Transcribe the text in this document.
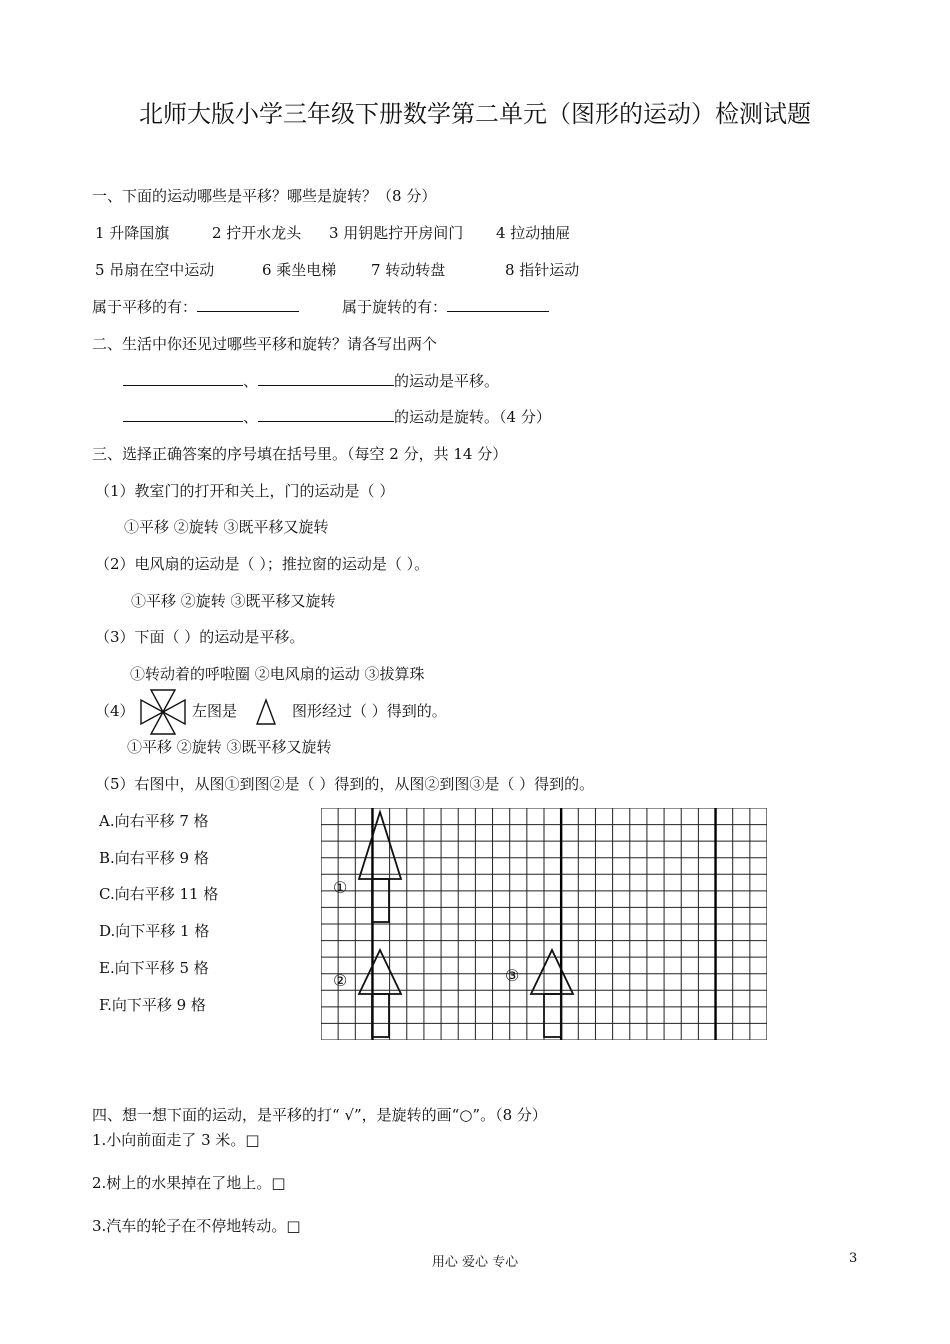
北师大版小学三年级下册数学第二单元（图形的运动）检测试题
一、下面的运动哪些是平移？哪些是旋转？（8 分）
1 升降国旗	2 拧开水龙头 3 用钥匙拧开房间门 4 拉动抽屉
5 吊扇在空中运动	6 乘坐电梯 7 转动转盘	8 指针运动
属于平移的有：	属于旋转的有：
二、生活中你还见过哪些平移和旋转？请各写出两个
、	的运动是平移。
、	的运动是旋转。（4 分）
三、选择正确答案的序号填在括号里。（每空 2 分，共 14 分）
（1）教室门的打开和关上，门的运动是（ ）
①平移 ②旋转 ③既平移又旋转
（2）电风扇的运动是（ ）；推拉窗的运动是（ ）。
①平移 ②旋转 ③既平移又旋转
（3）下面（ ）的运动是平移。
①转动着的呼啦圈 ②电风扇的运动 ③拔算珠
（4）	左图是	图形经过（ ）得到的。
①平移 ②旋转 ③既平移又旋转
（5）右图中，从图①到图②是（ ）得到的，从图②到图③是（ ）得到的。
A.向右平移 7 格
B.向右平移 9 格
C.向右平移 11 格
D.向下平移 1 格
E.向下平移 5 格
F.向下平移 9 格
①
②	③
四、想一想下面的运动，是平移的打“ √”，是旋转的画“○”。（8 分）
1.小向前面走了 3 米。□
2.树上的水果掉在了地上。□
3.汽车的轮子在不停地转动。□
用心 爱心 专心	3
